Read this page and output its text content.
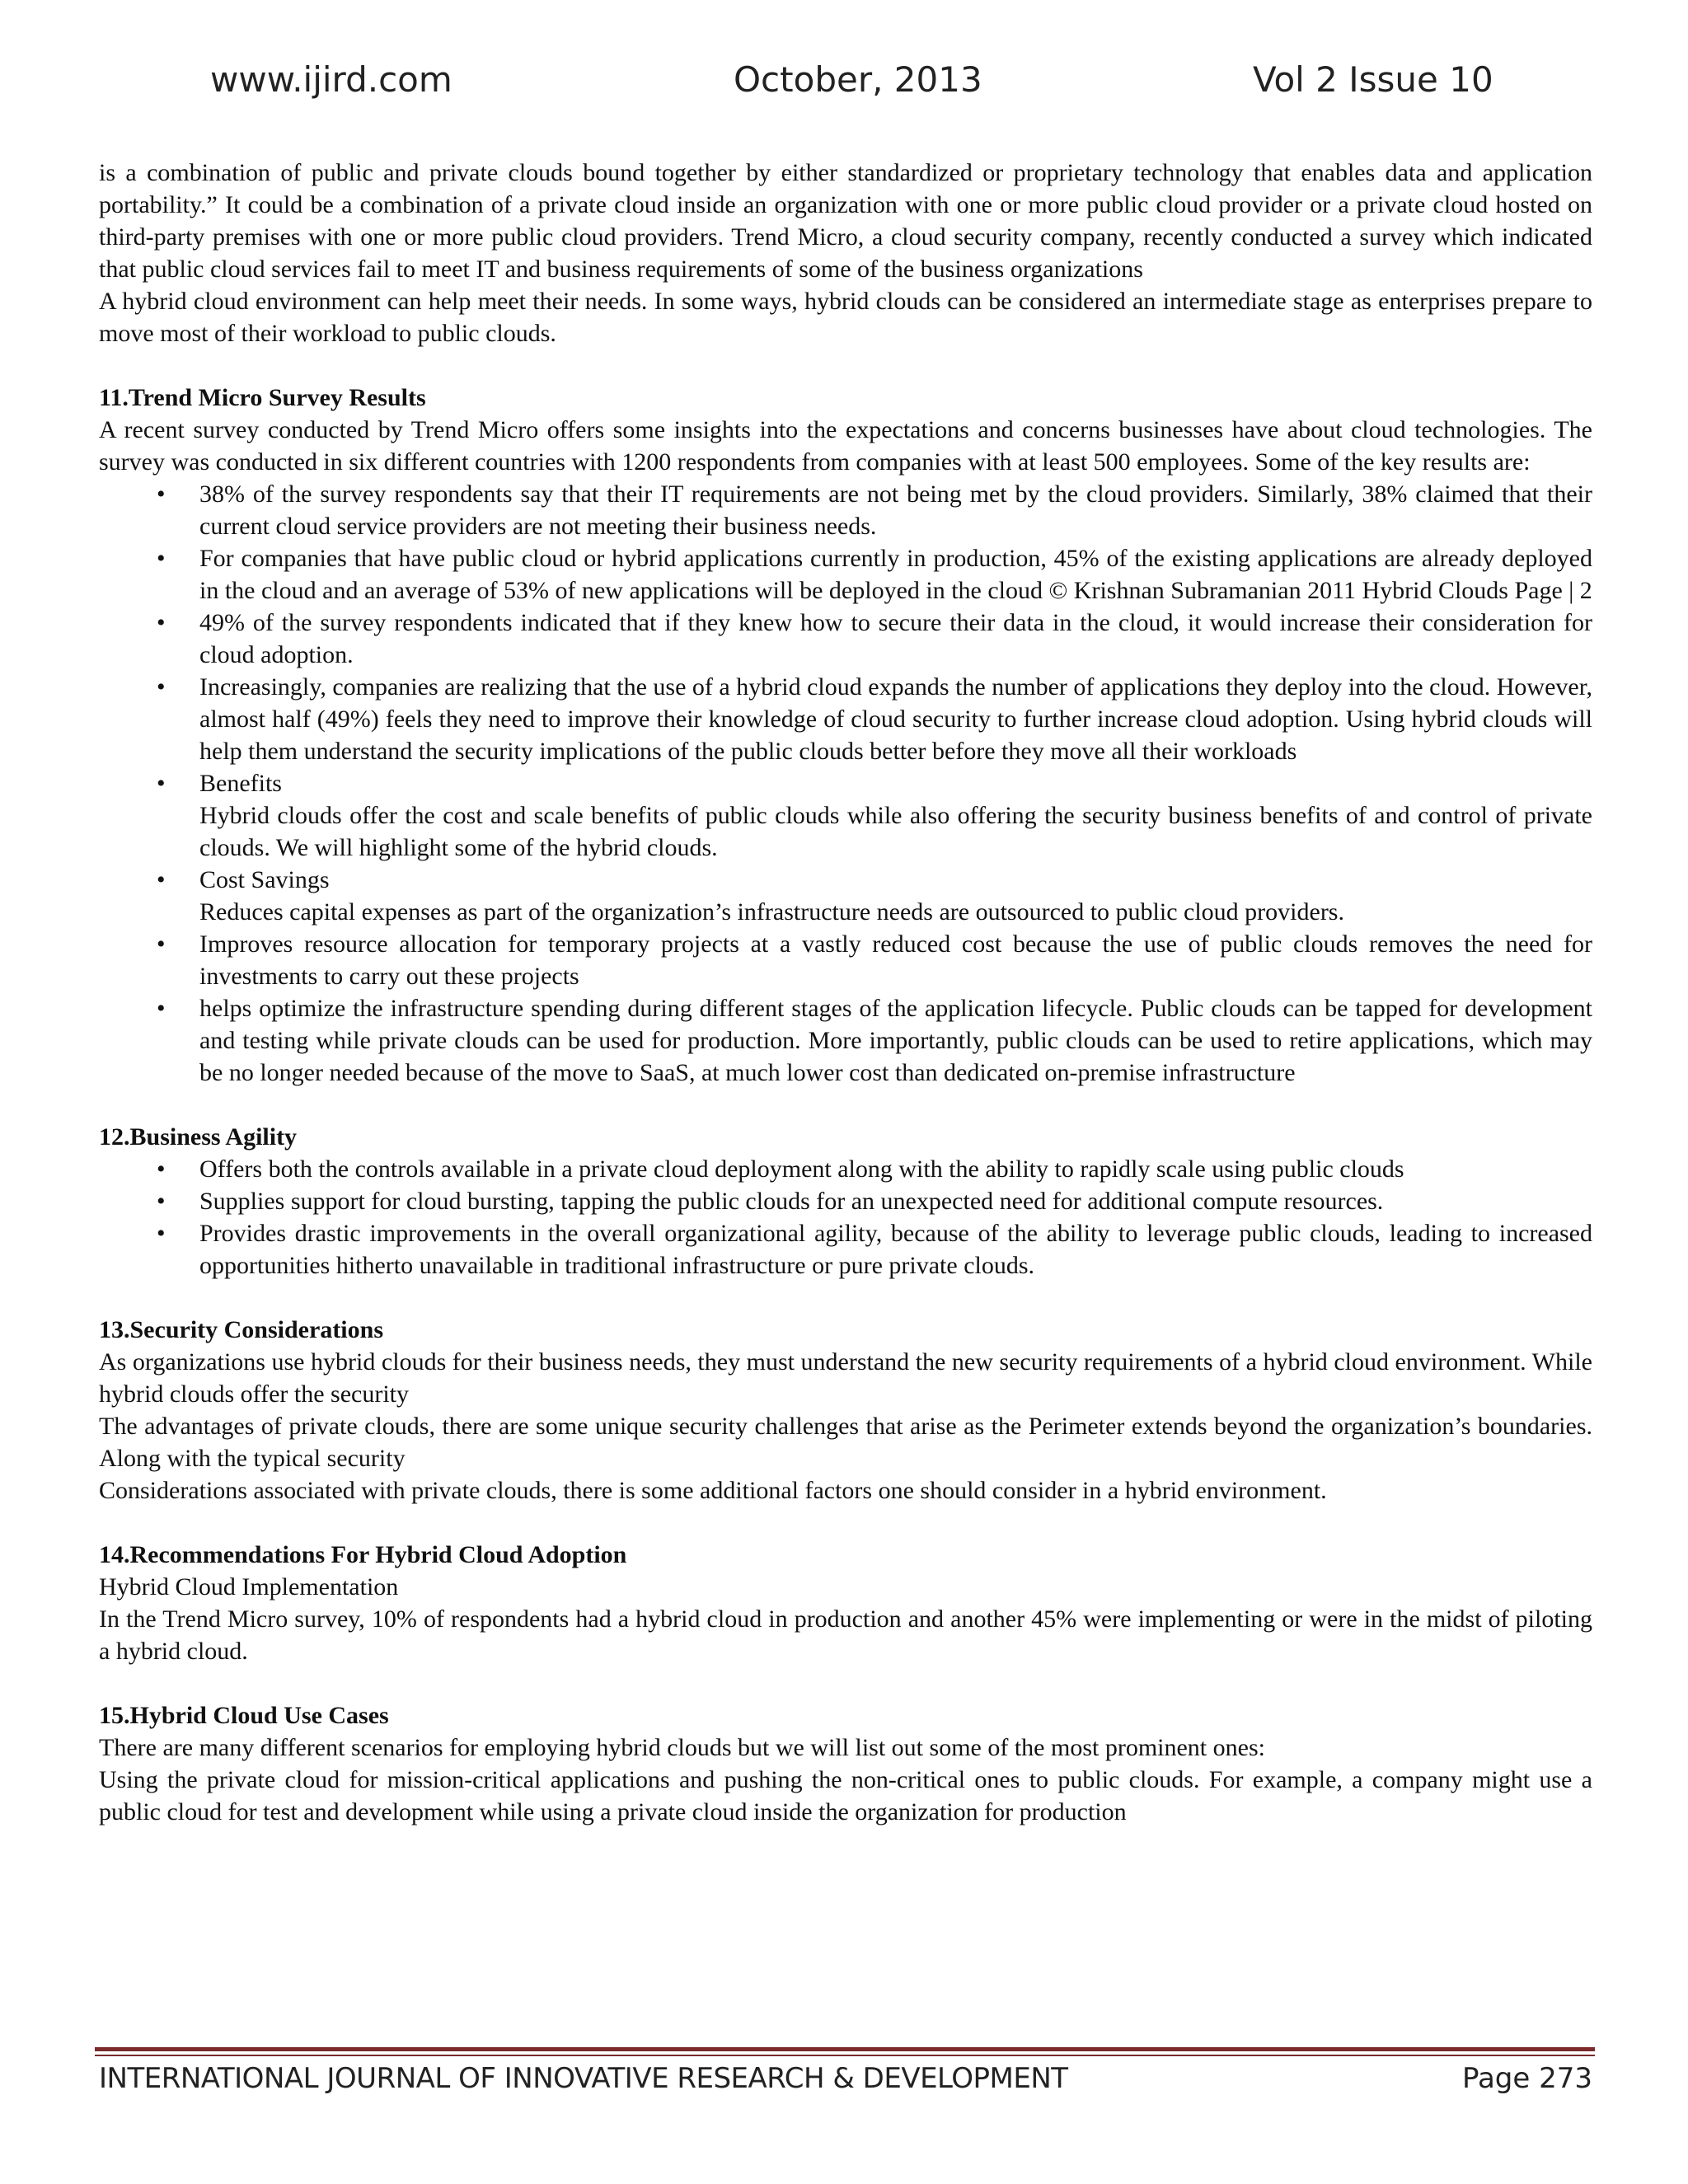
www.ijird.com	October, 2013	Vol 2 Issue 10

is a combination of public and private clouds bound together by either standardized or proprietary technology that enables data and application portability.” It could be a combination of a private cloud inside an organization with one or more public cloud provider or a private cloud hosted on third-party premises with one or more public cloud providers. Trend Micro, a cloud security company, recently conducted a survey which indicated that public cloud services fail to meet IT and business requirements of some of the business organizations

A hybrid cloud environment can help meet their needs. In some ways, hybrid clouds can be considered an intermediate stage as enterprises prepare to move most of their workload to public clouds.

11.Trend Micro Survey Results

A recent survey conducted by Trend Micro offers some insights into the expectations and concerns businesses have about cloud technologies. The survey was conducted in six different countries with 1200 respondents from companies with at least 500 employees. Some of the key results are:

• 38% of the survey respondents say that their IT requirements are not being met by the cloud providers. Similarly, 38% claimed that their current cloud service providers are not meeting their business needs.
• For companies that have public cloud or hybrid applications currently in production, 45% of the existing applications are already deployed in the cloud and an average of 53% of new applications will be deployed in the cloud © Krishnan Subramanian 2011 Hybrid Clouds Page | 2
• 49% of the survey respondents indicated that if they knew how to secure their data in the cloud, it would increase their consideration for cloud adoption.
• Increasingly, companies are realizing that the use of a hybrid cloud expands the number of applications they deploy into the cloud. However, almost half (49%) feels they need to improve their knowledge of cloud security to further increase cloud adoption. Using hybrid clouds will help them understand the security implications of the public clouds better before they move all their workloads
• Benefits
Hybrid clouds offer the cost and scale benefits of public clouds while also offering the security business benefits of and control of private clouds. We will highlight some of the hybrid clouds.
• Cost Savings
Reduces capital expenses as part of the organization’s infrastructure needs are outsourced to public cloud providers.
• Improves resource allocation for temporary projects at a vastly reduced cost because the use of public clouds removes the need for investments to carry out these projects
• helps optimize the infrastructure spending during different stages of the application lifecycle. Public clouds can be tapped for development and testing while private clouds can be used for production. More importantly, public clouds can be used to retire applications, which may be no longer needed because of the move to SaaS, at much lower cost than dedicated on-premise infrastructure

12.Business Agility

• Offers both the controls available in a private cloud deployment along with the ability to rapidly scale using public clouds
• Supplies support for cloud bursting, tapping the public clouds for an unexpected need for additional compute resources.
• Provides drastic improvements in the overall organizational agility, because of the ability to leverage public clouds, leading to increased opportunities hitherto unavailable in traditional infrastructure or pure private clouds.

13.Security Considerations

As organizations use hybrid clouds for their business needs, they must understand the new security requirements of a hybrid cloud environment. While hybrid clouds offer the security

The advantages of private clouds, there are some unique security challenges that arise as the Perimeter extends beyond the organization’s boundaries. Along with the typical security

Considerations associated with private clouds, there is some additional factors one should consider in a hybrid environment.

14.Recommendations For Hybrid Cloud Adoption

Hybrid Cloud Implementation

In the Trend Micro survey, 10% of respondents had a hybrid cloud in production and another 45% were implementing or were in the midst of piloting a hybrid cloud.

15.Hybrid Cloud Use Cases

There are many different scenarios for employing hybrid clouds but we will list out some of the most prominent ones:

Using the private cloud for mission-critical applications and pushing the non-critical ones to public clouds. For example, a company might use a public cloud for test and development while using a private cloud inside the organization for production

INTERNATIONAL JOURNAL OF INNOVATIVE RESEARCH & DEVELOPMENT	Page 273
